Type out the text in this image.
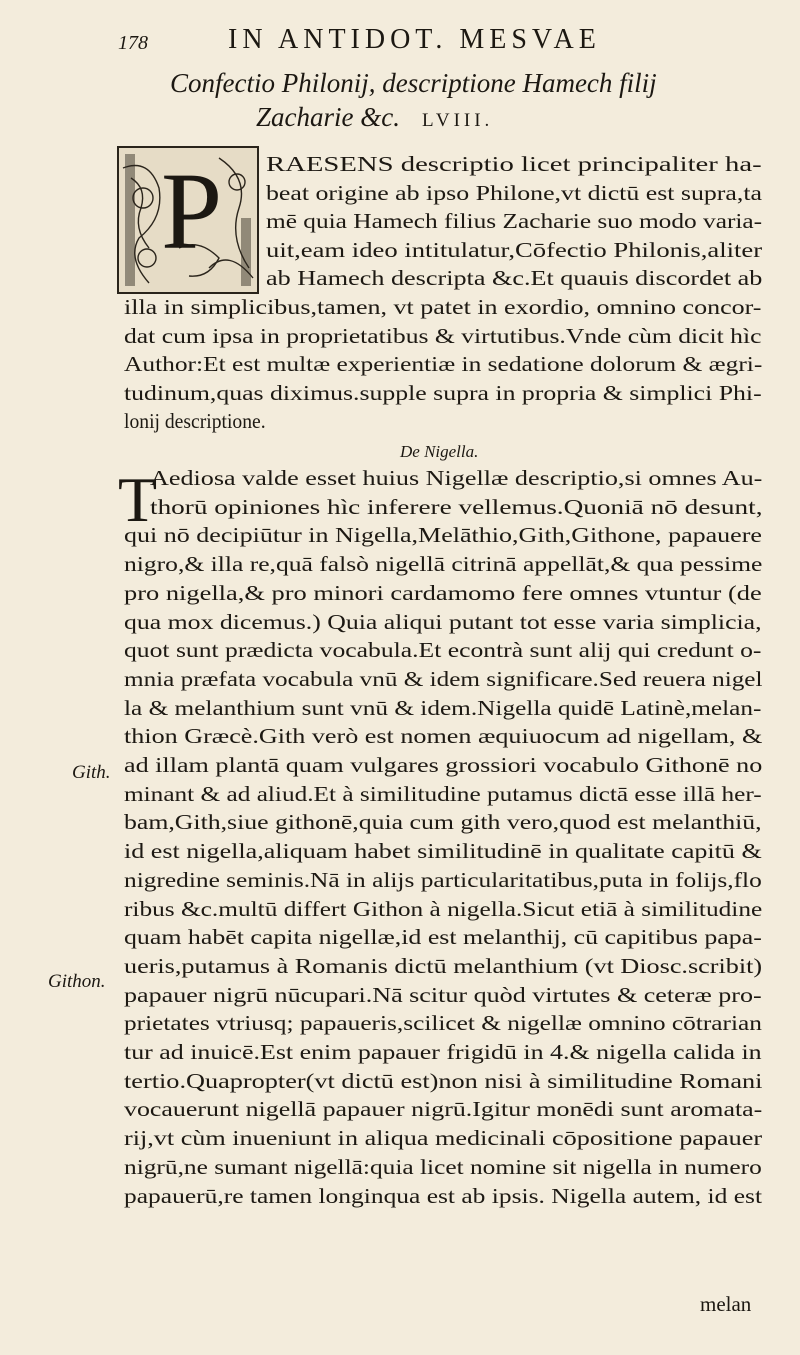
178	IN ANTIDOT. MESVAE
Confectio Philonij, descriptione Hamech filij
Zacharie &c. LVIII.
P RAESENS descriptio licet principaliter ha-
beat origine ab ipso Philone,vt dictū est supra,ta
mē quia Hamech filius Zacharie suo modo varia-
uit,eam ideo intitulatur,Cōfectio Philonis,aliter
ab Hamech descripta &c.Et quauis discordet ab
illa in simplicibus,tamen, vt patet in exordio, omnino concor-
dat cum ipsa in proprietatibus & virtutibus.Vnde cùm dicit hìc
Author:Et est multæ experientiæ in sedatione dolorum & ægri-
tudinum,quas diximus.supple supra in propria & simplici Phi-
lonij descriptione.
De Nigella.
T
Aediosa valde esset huius Nigellæ descriptio,si omnes Au-
thorū opiniones hìc inferere vellemus.Quoniā nō desunt,
qui nō decipiūtur in Nigella,Melāthio,Gith,Githone, papauere
nigro,& illa re,quā falsò nigellā citrinā appellāt,& qua pessime
pro nigella,& pro minori cardamomo fere omnes vtuntur (de
qua mox dicemus.) Quia aliqui putant tot esse varia simplicia,
quot sunt prædicta vocabula.Et econtrà sunt alij qui credunt o-
mnia præfata vocabula vnū & idem significare.Sed reuera nigel
la & melanthium sunt vnū & idem.Nigella quidē Latinè,melan-
thion Græcè.Gith verò est nomen æquiuocum ad nigellam, &
ad illam plantā quam vulgares grossiori vocabulo Githonē no
minant & ad aliud.Et à similitudine putamus dictā esse illā her-
bam,Gith,siue githonē,quia cum gith vero,quod est melanthiū,
id est nigella,aliquam habet similitudinē in qualitate capitū &
nigredine seminis.Nā in alijs particularitatibus,puta in folijs,flo
ribus &c.multū differt Githon à nigella.Sicut etiā à similitudine
quam habēt capita nigellæ,id est melanthij, cū capitibus papa-
ueris,putamus à Romanis dictū melanthium (vt Diosc.scribit)
papauer nigrū nūcupari.Nā scitur quòd virtutes & ceteræ pro-
prietates vtriusq; papaueris,scilicet & nigellæ omnino cōtrarian
tur ad inuicē.Est enim papauer frigidū in 4.& nigella calida in
tertio.Quapropter(vt dictū est)non nisi à similitudine Romani
vocauerunt nigellā papauer nigrū.Igitur monēdi sunt aromata-
rij,vt cùm inueniunt in aliqua medicinali cōpositione papauer
nigrū,ne sumant nigellā:quia licet nomine sit nigella in numero
papauerū,re tamen longinqua est ab ipsis. Nigella autem, id est
Gith.
Githon.
melan
